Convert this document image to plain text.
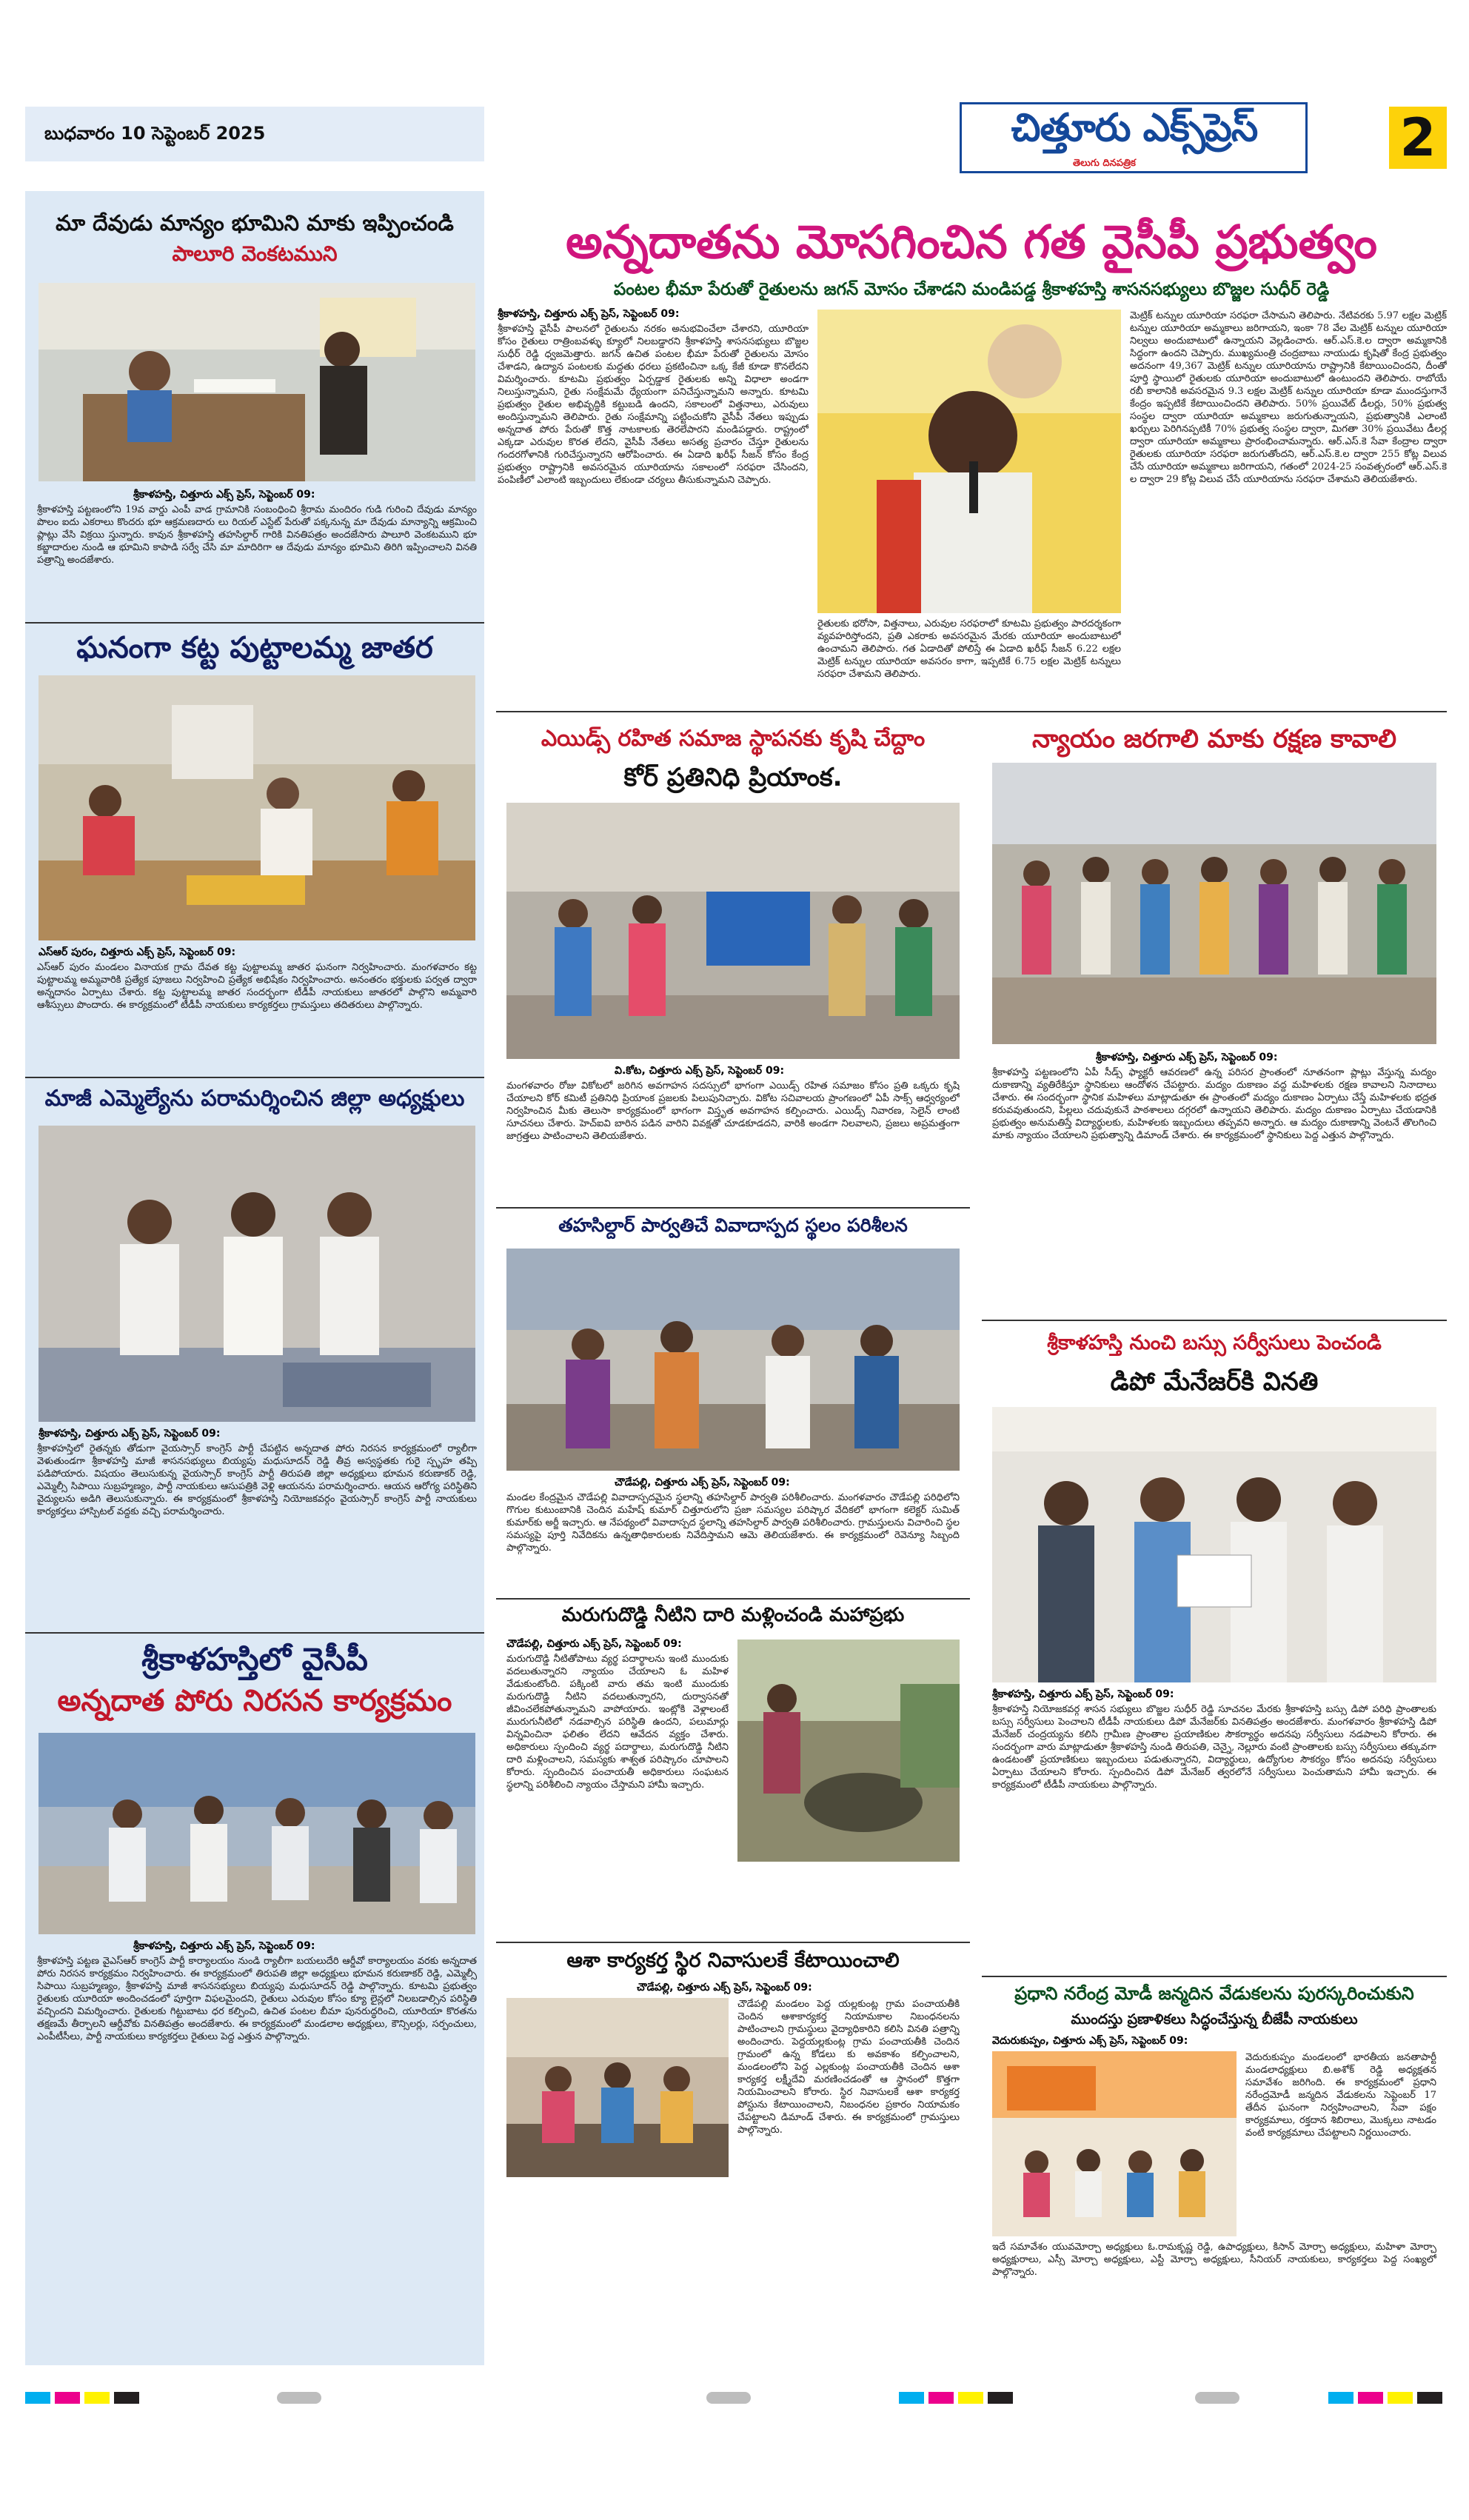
బుధవారం 10 సెప్టెంబర్ 2025	చిత్తూరు ఎక్స్‌ప్రెస్
తెలుగు దినపత్రిక	2
మా దేవుడు మాన్యం భూమిని మాకు ఇప్పించండి
పాలూరి వెంకటముని
శ్రీకాళహస్తి, చిత్తూరు ఎక్స్ ప్రెస్, సెప్టెంబర్ 09:
శ్రీకాళహస్తి పట్టణంలోని 19వ వార్డు ఎంపీ వాడ గ్రామానికి సంబంధించి శ్రీరామ మందిరం గుడి గురించి దేవుడు మాన్యం పొలం ఐదు ఎకరాలు కొందరు భూ ఆక్రమణదారు లు రియల్ ఎస్టేట్ పేరుతో పక్కనున్న మా దేవుడు మాన్యాన్ని ఆక్రమించి ప్లాట్లు వేసి విక్రయి స్తున్నారు. కావున శ్రీకాళహస్తి తహసిల్దార్ గారికి వినతిపత్రం అందజేసారు పాలూరి వెంకటముని భూ కబ్జాదారుల నుండి ఆ భూమిని కాపాడి సర్వే చేసి మా మాదిరిగా ఆ దేవుడు మాన్యం భూమిని తిరిగి ఇప్పించాలని వినతి పత్రాన్ని అందజేశారు.
ఘనంగా కట్ట పుట్టాలమ్మ జాతర
ఎస్ఆర్ పురం, చిత్తూరు ఎక్స్ ప్రెస్, సెప్టెంబర్ 09:
ఎస్ఆర్ పురం మండలం వినాయక గ్రామ దేవత కట్ట పుట్టాలమ్మ జాతర ఘనంగా నిర్వహించారు. మంగళవారం కట్ట పుట్టాలమ్మ అమ్మవారికి ప్రత్యేక పూజలు నిర్వహించి ప్రత్యేక అభిషేకం నిర్వహించారు. అనంతరం భక్తులకు పర్వత ద్వారా అన్నదానం ఏర్పాటు చేశారు. కట్ట పుట్టాలమ్మ జాతర సందర్భంగా టీడీపీ నాయకులు జాతరలో పాల్గొని అమ్మవారి ఆశీస్సులు పొందారు. ఈ కార్యక్రమంలో టీడీపీ నాయకులు కార్యకర్తలు గ్రామస్తులు తదితరులు పాల్గొన్నారు.
మాజీ ఎమ్మెల్యేను పరామర్శించిన జిల్లా అధ్యక్షులు
శ్రీకాళహస్తి, చిత్తూరు ఎక్స్ ప్రెస్, సెప్టెంబర్ 09:
శ్రీకాళహస్తిలో రైతన్నకు తోడుగా వైయస్సార్ కాంగ్రెస్ పార్టీ చేపట్టిన అన్నదాత పోరు నిరసన కార్యక్రమంలో ర్యాలీగా వెళుతుండగా శ్రీకాళహస్తి మాజీ శాసనసభ్యులు బియ్యపు మధుసూదన్ రెడ్డి తీవ్ర అస్వస్థతకు గురై స్పృహ తప్పి పడిపోయారు. విషయం తెలుసుకున్న వైయస్సార్ కాంగ్రెస్ పార్టీ తిరుపతి జిల్లా అధ్యక్షులు భూమన కరుణాకర్ రెడ్డి, ఎమ్మెల్సీ సిపాయి సుబ్రహ్మణ్యం, పార్టీ నాయకులు ఆసుపత్రికి వెళ్లి ఆయనను పరామర్శించారు. ఆయన ఆరోగ్య పరిస్థితిని వైద్యులను అడిగి తెలుసుకున్నారు. ఈ కార్యక్రమంలో శ్రీకాళహస్తి నియోజకవర్గం వైయస్సార్ కాంగ్రెస్ పార్టీ నాయకులు కార్యకర్తలు హాస్పిటల్ వద్దకు వచ్చి పరామర్శించారు.
శ్రీకాళహస్తిలో వైసీపీ
అన్నదాత పోరు నిరసన కార్యక్రమం
శ్రీకాళహస్తి, చిత్తూరు ఎక్స్ ప్రెస్, సెప్టెంబర్ 09:
శ్రీకాళహస్తి పట్టణ వైఎస్ఆర్ కాంగ్రెస్ పార్టీ కార్యాలయం నుండి ర్యాలీగా బయలుదేరి ఆర్డీవో కార్యాలయం వరకు అన్నదాత పోరు నిరసన కార్యక్రమం నిర్వహించారు. ఈ కార్యక్రమంలో తిరుపతి జిల్లా అధ్యక్షులు భూమన కరుణాకర్ రెడ్డి, ఎమ్మెల్సీ సిపాయి సుబ్రహ్మణ్యం, శ్రీకాళహస్తి మాజీ శాసనసభ్యులు బియ్యపు మధుసూదన్ రెడ్డి పాల్గొన్నారు. కూటమి ప్రభుత్వం రైతులకు యూరియా అందించడంలో పూర్తిగా విఫలమైందని, రైతులు ఎరువుల కోసం క్యూ లైన్లలో నిలబడాల్సిన పరిస్థితి వచ్చిందని విమర్శించారు. రైతులకు గిట్టుబాటు ధర కల్పించి, ఉచిత పంటల బీమా పునరుద్ధరించి, యూరియా కొరతను తక్షణమే తీర్చాలని ఆర్డీవోకు వినతిపత్రం అందజేశారు. ఈ కార్యక్రమంలో మండలాల అధ్యక్షులు, కౌన్సిలర్లు, సర్పంచులు, ఎంపీటీసీలు, పార్టీ నాయకులు కార్యకర్తలు రైతులు పెద్ద ఎత్తున పాల్గొన్నారు.
అన్నదాతను మోసగించిన గత వైసీపీ ప్రభుత్వం
పంటల భీమా పేరుతో రైతులను జగన్ మోసం చేశాడని మండిపడ్డ శ్రీకాళహస్తి శాసనసభ్యులు బొజ్జల సుధీర్ రెడ్డి
శ్రీకాళహస్తి, చిత్తూరు ఎక్స్ ప్రెస్, సెప్టెంబర్ 09:
శ్రీకాళహస్తి వైసీపీ పాలనలో రైతులను నరకం అనుభవించేలా చేశారని, యూరియా కోసం రైతులు రాత్రింబవళ్ళు క్యూలో నిలబడ్డారని శ్రీకాళహస్తి శాసనసభ్యులు బొజ్జల సుధీర్ రెడ్డి ధ్వజమెత్తారు. జగన్ ఉచిత పంటల భీమా పేరుతో రైతులను మోసం చేశాడని, ఉద్యాన పంటలకు మద్దతు ధరలు ప్రకటించినా ఒక్క కేజీ కూడా కొనలేదని విమర్శించారు. కూటమి ప్రభుత్వం ఏర్పడ్డాక రైతులకు అన్ని విధాలా అండగా నిలుస్తున్నామని, రైతు సంక్షేమమే ధ్యేయంగా పనిచేస్తున్నామని అన్నారు. కూటమి ప్రభుత్వం రైతుల అభివృద్ధికి కట్టుబడి ఉందని, సకాలంలో విత్తనాలు, ఎరువులు అందిస్తున్నామని తెలిపారు. రైతు సంక్షేమాన్ని పట్టించుకోని వైసీపీ నేతలు ఇప్పుడు అన్నదాత పోరు పేరుతో కొత్త నాటకాలకు తెరలేపారని మండిపడ్డారు. రాష్ట్రంలో ఎక్కడా ఎరువుల కొరత లేదని, వైసీపీ నేతలు అసత్య ప్రచారం చేస్తూ రైతులను గందరగోళానికి గురిచేస్తున్నారని ఆరోపించారు. ఈ ఏడాది ఖరీఫ్ సీజన్ కోసం కేంద్ర ప్రభుత్వం రాష్ట్రానికి అవసరమైన యూరియాను సకాలంలో సరఫరా చేసిందని, పంపిణీలో ఎలాంటి ఇబ్బందులు లేకుండా చర్యలు తీసుకున్నామని చెప్పారు.
రైతులకు భరోసా, విత్తనాలు, ఎరువుల సరఫరాలో కూటమి ప్రభుత్వం పారదర్శకంగా వ్యవహరిస్తోందని, ప్రతి ఎకరాకు అవసరమైన మేరకు యూరియా అందుబాటులో ఉంచామని తెలిపారు. గత ఏడాదితో పోలిస్తే ఈ ఏడాది ఖరీఫ్ సీజన్ 6.22 లక్షల మెట్రిక్ టన్నుల యూరియా అవసరం కాగా, ఇప్పటికే 6.75 లక్షల మెట్రిక్ టన్నులు సరఫరా చేశామని తెలిపారు.
మెట్రిక్ టన్నుల యూరియా సరఫరా చేసామని తెలిపారు. నేటివరకు 5.97 లక్షల మెట్రిక్ టన్నుల యూరియా అమ్మకాలు జరిగాయని, ఇంకా 78 వేల మెట్రిక్ టన్నుల యూరియా నిల్వలు అందుబాటులో ఉన్నాయని వెల్లడించారు. ఆర్.ఎస్.కె.ల ద్వారా అమ్మకానికి సిద్ధంగా ఉందని చెప్పారు. ముఖ్యమంత్రి చంద్రబాబు నాయుడు కృషితో కేంద్ర ప్రభుత్వం అదనంగా 49,367 మెట్రిక్ టన్నుల యూరియాను రాష్ట్రానికి కేటాయించిందని, దీంతో పూర్తి స్థాయిలో రైతులకు యూరియా అందుబాటులో ఉంటుందని తెలిపారు. రాబోయే రబీ కాలానికి అవసరమైన 9.3 లక్షల మెట్రిక్ టన్నుల యూరియా కూడా ముందస్తుగానే కేంద్రం ఇప్పటికే కేటాయించిందని తెలిపారు. 50% ప్రయివేట్ డీలర్లు, 50% ప్రభుత్వ సంస్థల ద్వారా యూరియా అమ్మకాలు జరుగుతున్నాయని, ప్రభుత్వానికి ఎలాంటి ఖర్చులు పెరిగినప్పటికీ 70% ప్రభుత్వ సంస్థల ద్వారా, మిగతా 30% ప్రయివేటు డీలర్ల ద్వారా యూరియా అమ్మకాలు ప్రారంభించామన్నారు. ఆర్.ఎస్.కె సేవా కేంద్రాల ద్వారా రైతులకు యూరియా సరఫరా జరుగుతోందని, ఆర్.ఎస్.కె.ల ద్వారా 255 కోట్ల విలువ చేసే యూరియా అమ్మకాలు జరిగాయని, గతంలో 2024-25 సంవత్సరంలో ఆర్.ఎస్.కె ల ద్వారా 29 కోట్ల విలువ చేసే యూరియాను సరఫరా చేశామని తెలియజేశారు.
ఎయిడ్స్ రహిత సమాజ స్థాపనకు కృషి చేద్దాం
కోర్ ప్రతినిధి ప్రియాంక.
వి.కోట, చిత్తూరు ఎక్స్ ప్రెస్, సెప్టెంబర్ 09:
మంగళవారం రోజు వికోటలో జరిగిన అవగాహన సదస్సులో భాగంగా ఎయిడ్స్ రహిత సమాజం కోసం ప్రతి ఒక్కరు కృషి చేయాలని కోర్ కమిటీ ప్రతినిధి ప్రియాంక ప్రజలకు పిలుపునిచ్చారు. వికోట సచివాలయ ప్రాంగణంలో ఏపీ సాక్స్ ఆధ్వర్యంలో నిర్వహించిన మీకు తెలుసా కార్యక్రమంలో భాగంగా విస్తృత అవగాహన కల్పించారు. ఎయిడ్స్ నివారణ, సెలైన్ లాంటి సూచనలు చేశారు. హెచ్ఐవి బారిన పడిన వారిని వివక్షతో చూడకూడదని, వారికి అండగా నిలవాలని, ప్రజలు అప్రమత్తంగా జాగ్రత్తలు పాటించాలని తెలియజేశారు.
తహసిల్దార్ పార్వతిచే వివాదాస్పద స్థలం పరిశీలన
చౌడేపల్లి, చిత్తూరు ఎక్స్ ప్రెస్, సెప్టెంబర్ 09:
మండల కేంద్రమైన చౌడేపల్లి వివాదాస్పదమైన స్థలాన్ని తహసిల్దార్ పార్వతి పరిశీలించారు. మంగళవారం చౌడేపల్లి పరిధిలోని గొగుల కుటుంబానికి చెందిన మహేష్ కుమార్ చిత్తూరులోని ప్రజా సమస్యల పరిష్కార వేదికలో భాగంగా కలెక్టర్ సుమిత్ కుమార్‌కు అర్జీ ఇచ్చారు. ఆ నేపథ్యంలో వివాదాస్పద స్థలాన్ని తహసిల్దార్ పార్వతి పరిశీలించారు. గ్రామస్తులను విచారించి స్థల సమస్యపై పూర్తి నివేదికను ఉన్నతాధికారులకు నివేదిస్తామని ఆమె తెలియజేశారు. ఈ కార్యక్రమంలో రెవెన్యూ సిబ్బంది పాల్గొన్నారు.
మరుగుదొడ్డి నీటిని దారి మళ్లించండి మహాప్రభు
చౌడేపల్లి, చిత్తూరు ఎక్స్ ప్రెస్, సెప్టెంబర్ 09:
మరుగుదొడ్డి నీటితోపాటు వ్యర్థ పదార్థాలను ఇంటి ముందుకు వదలుతున్నారని న్యాయం చేయాలని ఓ మహిళ వేడుకుంటోంది. పక్కింటి వారు తమ ఇంటి ముందుకు మరుగుదొడ్డి నీటిని వదలుతున్నారని, దుర్వాసనతో జీవించలేకపోతున్నామని వాపోయారు. ఇంట్లోకి వెళ్లాలంటే మురుగునీటిలో నడవాల్సిన పరిస్థితి ఉందని, పలుమార్లు విన్నవించినా ఫలితం లేదని ఆవేదన వ్యక్తం చేశారు. అధికారులు స్పందించి వ్యర్థ పదార్థాలు, మరుగుదొడ్డి నీటిని దారి మళ్లించాలని, సమస్యకు శాశ్వత పరిష్కారం చూపాలని కోరారు. స్పందించిన పంచాయతీ అధికారులు సంఘటన స్థలాన్ని పరిశీలించి న్యాయం చేస్తామని హామీ ఇచ్చారు.
ఆశా కార్యకర్త స్థిర నివాసులకే కేటాయించాలి
చౌడేపల్లి, చిత్తూరు ఎక్స్ ప్రెస్, సెప్టెంబర్ 09:
చౌడేపల్లి మండలం పెద్ద యల్లకుంట్ల గ్రామ పంచాయతీకి చెందిన ఆశాకార్యకర్త నియామకాల నిబంధనలను పాటించాలని గ్రామస్థులు వైద్యాధికారిని కలిసి వినతి పత్రాన్ని అందించారు. పెద్దయల్లకుంట్ల గ్రామ పంచాయతీకి చెందిన గ్రామంలో ఉన్న కోడలు కు అవకాశం కల్పించాలని, మండలంలోని పెద్ద ఎల్లకుంట్ల పంచాయతీకి చెందిన ఆశా కార్యకర్త లక్ష్మీదేవి మరణించడంతో ఆ స్థానంలో కొత్తగా నియమించాలని కోరారు. స్థిర నివాసులకే ఆశా కార్యకర్త పోస్టును కేటాయించాలని, నిబంధనల ప్రకారం నియామకం చేపట్టాలని డిమాండ్ చేశారు. ఈ కార్యక్రమంలో గ్రామస్తులు పాల్గొన్నారు.
న్యాయం జరగాలి మాకు రక్షణ కావాలి
శ్రీకాళహస్తి, చిత్తూరు ఎక్స్ ప్రెస్, సెప్టెంబర్ 09:
శ్రీకాళహస్తి పట్టణంలోని ఏపీ సీడ్స్ ఫ్యాక్టరీ ఆవరణలో ఉన్న పరిసర ప్రాంతంలో నూతనంగా ప్లాట్లు వేస్తున్న మద్యం దుకాణాన్ని వ్యతిరేకిస్తూ స్థానికులు ఆందోళన చేపట్టారు. మద్యం దుకాణం వద్ద మహిళలకు రక్షణ కావాలని నినాదాలు చేశారు. ఈ సందర్భంగా స్థానిక మహిళలు మాట్లాడుతూ ఈ ప్రాంతంలో మద్యం దుకాణం ఏర్పాటు చేస్తే మహిళలకు భద్రత కరువవుతుందని, పిల్లలు చదువుకునే పాఠశాలలు దగ్గరలో ఉన్నాయని తెలిపారు. మద్యం దుకాణం ఏర్పాటు చేయడానికి ప్రభుత్వం అనుమతిస్తే విద్యార్థులకు, మహిళలకు ఇబ్బందులు తప్పవని అన్నారు. ఆ మద్యం దుకాణాన్ని వెంటనే తొలగించి మాకు న్యాయం చేయాలని ప్రభుత్వాన్ని డిమాండ్ చేశారు. ఈ కార్యక్రమంలో స్థానికులు పెద్ద ఎత్తున పాల్గొన్నారు.
శ్రీకాళహస్తి నుంచి బస్సు సర్వీసులు పెంచండి
డిపో మేనేజర్‌కి వినతి
శ్రీకాళహస్తి, చిత్తూరు ఎక్స్ ప్రెస్, సెప్టెంబర్ 09:
శ్రీకాళహస్తి నియోజకవర్గ శాసన సభ్యులు బొజ్జల సుధీర్ రెడ్డి సూచనల మేరకు శ్రీకాళహస్తి బస్సు డిపో పరిధి ప్రాంతాలకు బస్సు సర్వీసులు పెంచాలని టీడీపీ నాయకులు డిపో మేనేజర్‌కు వినతిపత్రం అందజేశారు. మంగళవారం శ్రీకాళహస్తి డిపో మేనేజర్ చంద్రయ్యను కలిసి గ్రామీణ ప్రాంతాల ప్రయాణికుల సౌకర్యార్థం అదనపు సర్వీసులు నడపాలని కోరారు. ఈ సందర్భంగా వారు మాట్లాడుతూ శ్రీకాళహస్తి నుండి తిరుపతి, చెన్నై, నెల్లూరు వంటి ప్రాంతాలకు బస్సు సర్వీసులు తక్కువగా ఉండటంతో ప్రయాణికులు ఇబ్బందులు పడుతున్నారని, విద్యార్థులు, ఉద్యోగుల సౌకర్యం కోసం అదనపు సర్వీసులు ఏర్పాటు చేయాలని కోరారు. స్పందించిన డిపో మేనేజర్ త్వరలోనే సర్వీసులు పెంచుతామని హామీ ఇచ్చారు. ఈ కార్యక్రమంలో టీడీపీ నాయకులు పాల్గొన్నారు.
ప్రధాని నరేంద్ర మోడీ జన్మదిన వేడుకలను పురస్కరించుకుని
ముందస్తు ప్రణాళికలు సిద్ధంచేస్తున్న బీజేపీ నాయకులు
వెదురుకుప్పం, చిత్తూరు ఎక్స్ ప్రెస్, సెప్టెంబర్ 09:
వెదురుకుప్పం మండలంలో భారతీయ జనతాపార్టీ మండలాధ్యక్షులు బి.అశోక్ రెడ్డి అధ్యక్షతన సమావేశం జరిగింది. ఈ కార్యక్రమంలో ప్రధాని నరేంద్రమోడీ జన్మదిన వేడుకలను సెప్టెంబర్ 17 తేదీన ఘనంగా నిర్వహించాలని, సేవా పక్షం కార్యక్రమాలు, రక్తదాన శిబిరాలు, మొక్కలు నాటడం వంటి కార్యక్రమాలు చేపట్టాలని నిర్ణయించారు.
ఇదే సమావేశం యువమోర్చా అధ్యక్షులు ఓ.రామకృష్ణ రెడ్డి, ఉపాధ్యక్షులు, కిసాన్ మోర్చా అధ్యక్షులు, మహిళా మోర్చా అధ్యక్షురాలు, ఎస్సీ మోర్చా అధ్యక్షులు, ఎస్టీ మోర్చా అధ్యక్షులు, సీనియర్ నాయకులు, కార్యకర్తలు పెద్ద సంఖ్యలో పాల్గొన్నారు.
